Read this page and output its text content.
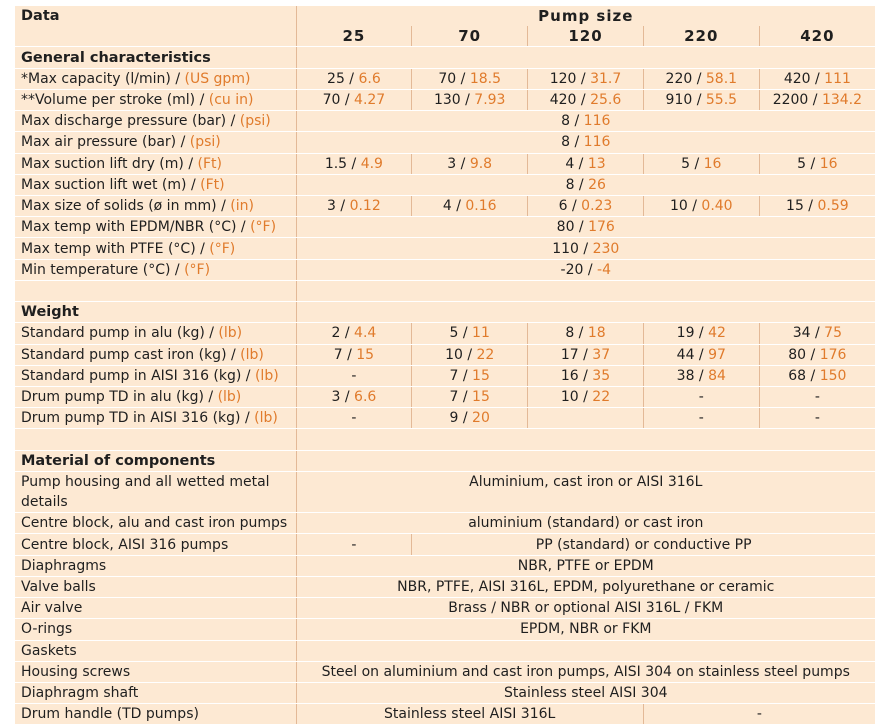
Data	Pump size				
	25	70	120	220	420
General characteristics					
*Max capacity (l/min) / (US gpm)	25 / 6.6	70 / 18.5	120 / 31.7	220 / 58.1	420 / 111
**Volume per stroke (ml) / (cu in)	70 / 4.27	130 / 7.93	420 / 25.6	910 / 55.5	2200 / 134.2
Max discharge pressure (bar) / (psi)	8 / 116				
Max air pressure (bar) / (psi)	8 / 116				
Max suction lift dry (m) / (Ft)	1.5 / 4.9	3 / 9.8	4 / 13	5 / 16	5 / 16
Max suction lift wet (m) / (Ft)	8 / 26				
Max size of solids (ø in mm) / (in)	3 / 0.12	4 / 0.16	6 / 0.23	10 / 0.40	15 / 0.59
Max temp with EPDM/NBR (°C) / (°F)	80 / 176				
Max temp with PTFE (°C) / (°F)	110 / 230				
Min temperature (°C) / (°F)	-20 / -4				

Weight					
Standard pump in alu (kg) / (lb)	2 / 4.4	5 / 11	8 / 18	19 / 42	34 / 75
Standard pump cast iron (kg) / (lb)	7 / 15	10 / 22	17 / 37	44 / 97	80 / 176
Standard pump in AISI 316 (kg) / (lb)	-	7 / 15	16 / 35	38 / 84	68 / 150
Drum pump TD in alu (kg) / (lb)	3 / 6.6	7 / 15	10 / 22	-	-
Drum pump TD in AISI 316 (kg) / (lb)	-	9 / 20		-	-

Material of components					
Pump housing and all wetted metal details	Aluminium, cast iron or AISI 316L				
Centre block, alu and cast iron pumps	aluminium (standard) or cast iron				
Centre block, AISI 316 pumps	-	PP (standard) or conductive PP			
Diaphragms	NBR, PTFE or EPDM				
Valve balls	NBR, PTFE, AISI 316L, EPDM, polyurethane or ceramic				
Air valve	Brass / NBR or optional AISI 316L / FKM				
O-rings	EPDM, NBR or FKM				
Gaskets					
Housing screws	Steel on aluminium and cast iron pumps, AISI 304 on stainless steel pumps				
Diaphragm shaft	Stainless steel AISI 304				
Drum handle (TD pumps)	Stainless steel AISI 316L			-	
